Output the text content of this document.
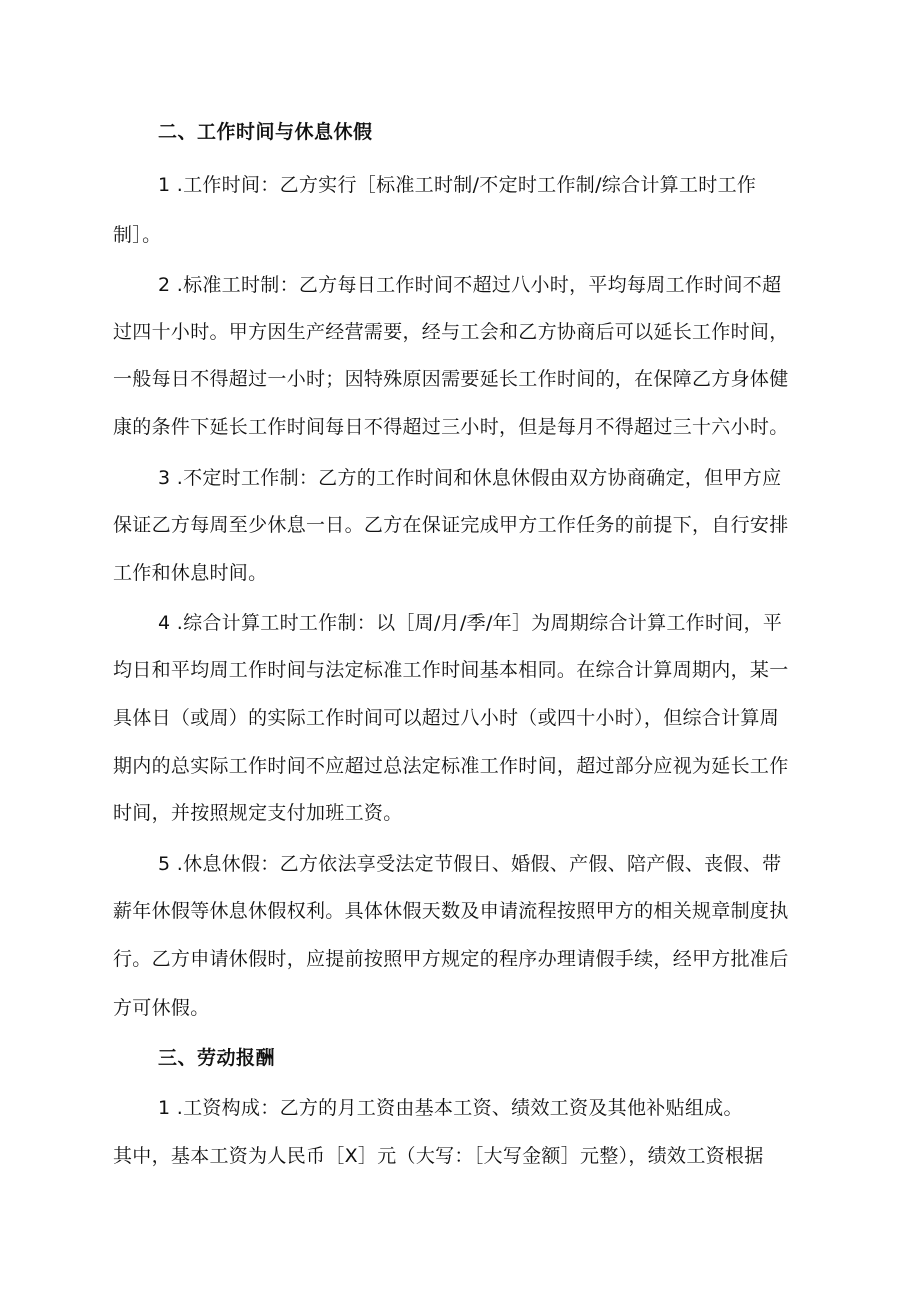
二、工作时间与休息休假
1 .工作时间：乙方实行［标准工时制/不定时工作制/综合计算工时工作
制］。
2 .标准工时制：乙方每日工作时间不超过八小时，平均每周工作时间不超
过四十小时。甲方因生产经营需要，经与工会和乙方协商后可以延长工作时间，
一般每日不得超过一小时；因特殊原因需要延长工作时间的，在保障乙方身体健
康的条件下延长工作时间每日不得超过三小时，但是每月不得超过三十六小时。
3 .不定时工作制：乙方的工作时间和休息休假由双方协商确定，但甲方应
保证乙方每周至少休息一日。乙方在保证完成甲方工作任务的前提下，自行安排
工作和休息时间。
4 .综合计算工时工作制：以［周/月/季/年］为周期综合计算工作时间，平
均日和平均周工作时间与法定标准工作时间基本相同。在综合计算周期内，某一
具体日（或周）的实际工作时间可以超过八小时（或四十小时），但综合计算周
期内的总实际工作时间不应超过总法定标准工作时间，超过部分应视为延长工作
时间，并按照规定支付加班工资。
5 .休息休假：乙方依法享受法定节假日、婚假、产假、陪产假、丧假、带
薪年休假等休息休假权利。具体休假天数及申请流程按照甲方的相关规章制度执
行。乙方申请休假时，应提前按照甲方规定的程序办理请假手续，经甲方批准后
方可休假。
三、劳动报酬
1 .工资构成：乙方的月工资由基本工资、绩效工资及其他补贴组成。
其中，基本工资为人民币［X］元（大写：［大写金额］元整），绩效工资根据
